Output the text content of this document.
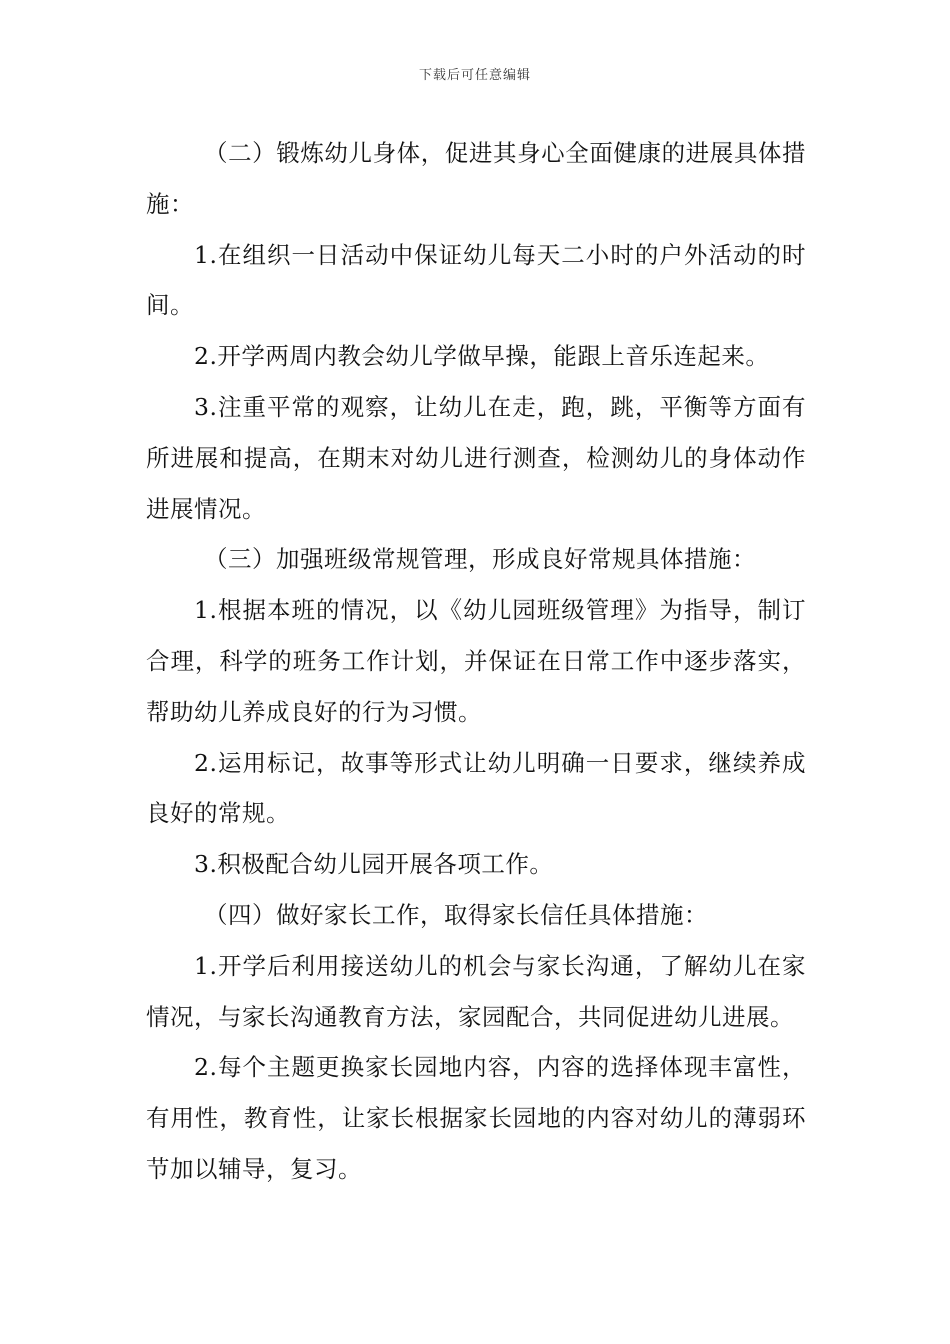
下载后可任意编辑

（二）锻炼幼儿身体，促进其身心全面健康的进展具体措施：

1.在组织一日活动中保证幼儿每天二小时的户外活动的时间。

2.开学两周内教会幼儿学做早操，能跟上音乐连起来。

3.注重平常的观察，让幼儿在走，跑，跳，平衡等方面有所进展和提高，在期末对幼儿进行测查，检测幼儿的身体动作进展情况。

（三）加强班级常规管理，形成良好常规具体措施：

1.根据本班的情况，以《幼儿园班级管理》为指导，制订合理，科学的班务工作计划，并保证在日常工作中逐步落实，帮助幼儿养成良好的行为习惯。

2.运用标记，故事等形式让幼儿明确一日要求，继续养成良好的常规。

3.积极配合幼儿园开展各项工作。

（四）做好家长工作，取得家长信任具体措施：

1.开学后利用接送幼儿的机会与家长沟通，了解幼儿在家情况，与家长沟通教育方法，家园配合，共同促进幼儿进展。

2.每个主题更换家长园地内容，内容的选择体现丰富性，有用性，教育性，让家长根据家长园地的内容对幼儿的薄弱环节加以辅导，复习。
